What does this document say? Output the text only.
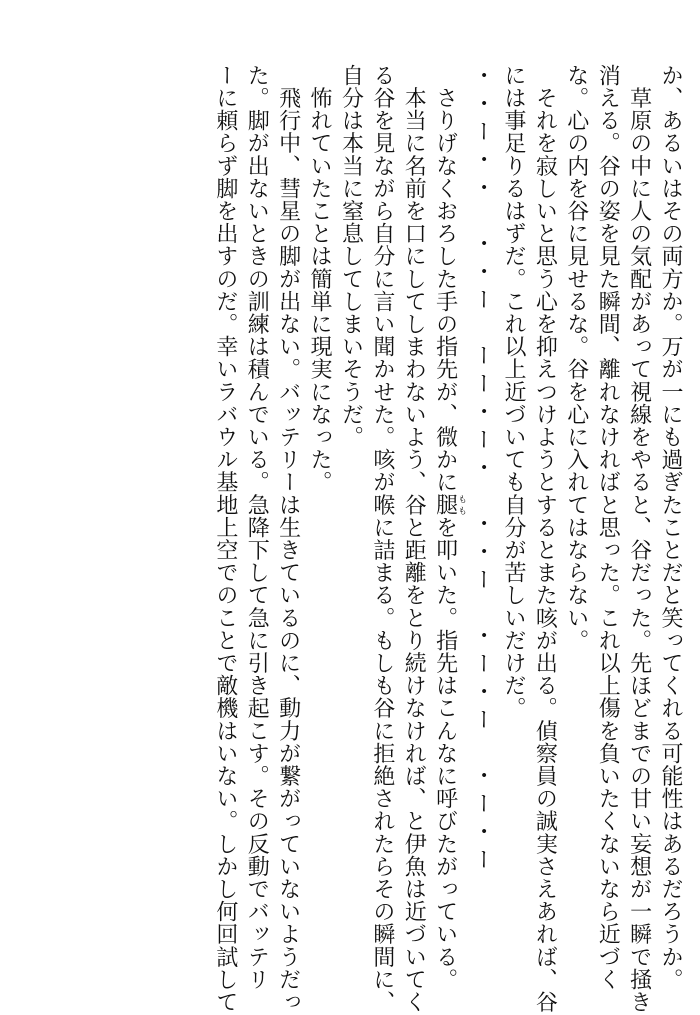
か、あるいはその両方か。万が一にも過ぎたことだと笑ってくれる可能性はあるだろうか。
　草原の中に人の気配があって視線をやると、谷だった。先ほどまでの甘い妄想が一瞬で掻き
消える。谷の姿を見た瞬間、離れなければと思った。これ以上傷を負いたくないなら近づく
な。心の内を谷に見せるな。谷を心に入れてはならない。
　それを寂しいと思う心を抑えつけようとするとまた咳が出る。偵察員の誠実さえあれば、谷
には事足りるはずだ。これ以上近づいても自分が苦しいだけだ。
・・ー・・　・・ー　ーー・ー・　・・ー　・ー・ー　・ー・ー
　さりげなくおろした手の指先が、微かに腿ももを叩いた。指先はこんなに呼びたがっている。
　本当に名前を口にしてしまわないよう、谷と距離をとり続けなければ、と伊魚は近づいてく
る谷を見ながら自分に言い聞かせた。咳が喉に詰まる。もしも谷に拒絶されたらその瞬間に、
自分は本当に窒息してしまいそうだ。
　怖れていたことは簡単に現実になった。
　飛行中、彗星の脚が出ない。バッテリーは生きているのに、動力が繋がっていないようだっ
た。脚が出ないときの訓練は積んでいる。急降下して急に引き起こす。その反動でバッテリ
ーに頼らず脚を出すのだ。幸いラバウル基地上空でのことで敵機はいない。しかし何回試して
